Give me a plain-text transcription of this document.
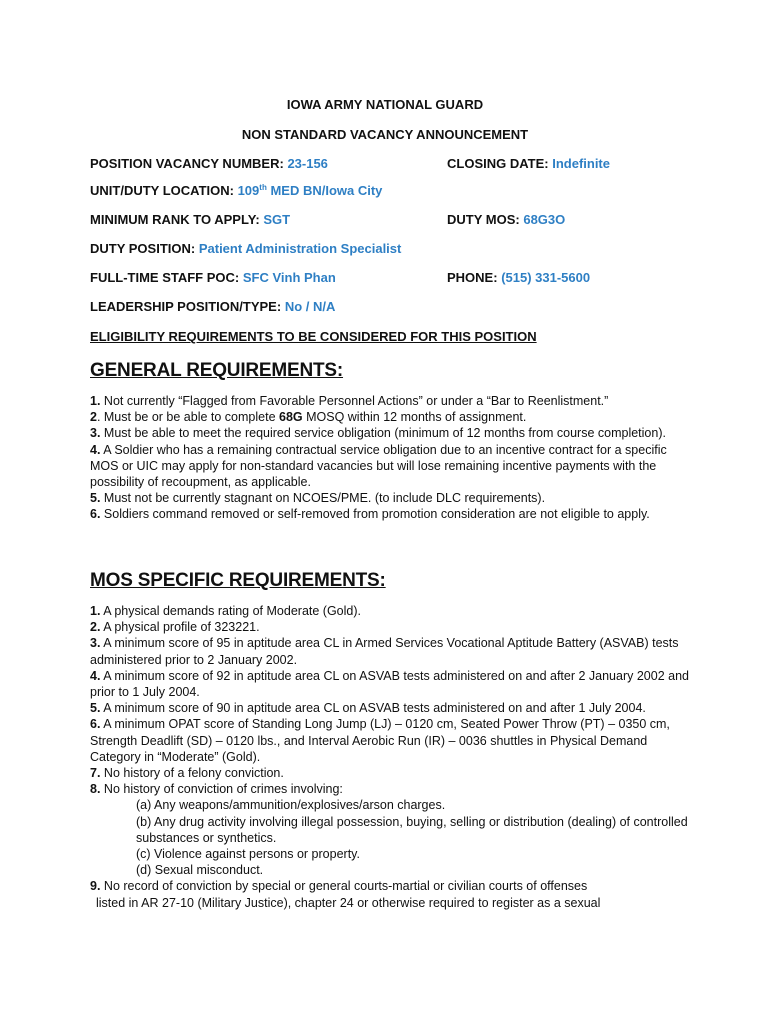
IOWA ARMY NATIONAL GUARD
NON STANDARD VACANCY ANNOUNCEMENT
POSITION VACANCY NUMBER: 23-156	CLOSING DATE: Indefinite
UNIT/DUTY LOCATION: 109th MED BN/Iowa City
MINIMUM RANK TO APPLY: SGT	DUTY MOS: 68G3O
DUTY POSITION: Patient Administration Specialist
FULL-TIME STAFF POC: SFC Vinh Phan	PHONE: (515) 331-5600
LEADERSHIP POSITION/TYPE: No / N/A
ELIGIBILITY REQUIREMENTS TO BE CONSIDERED FOR THIS POSITION
GENERAL REQUIREMENTS:

1. Not currently “Flagged from Favorable Personnel Actions” or under a “Bar to Reenlistment.”

2. Must be or be able to complete 68G MOSQ within 12 months of assignment.

3. Must be able to meet the required service obligation (minimum of 12 months from course completion).

4. A Soldier who has a remaining contractual service obligation due to an incentive contract for a specific MOS or UIC may apply for non-standard vacancies but will lose remaining incentive payments with the possibility of recoupment, as applicable.

5. Must not be currently stagnant on NCOES/PME. (to include DLC requirements).

6. Soldiers command removed or self-removed from promotion consideration are not eligible to apply.

MOS SPECIFIC REQUIREMENTS:

1. A physical demands rating of Moderate (Gold).

2. A physical profile of 323221.

3. A minimum score of 95 in aptitude area CL in Armed Services Vocational Aptitude Battery (ASVAB) tests administered prior to 2 January 2002.

4. A minimum score of 92 in aptitude area CL on ASVAB tests administered on and after 2 January 2002 and prior to 1 July 2004.

5. A minimum score of 90 in aptitude area CL on ASVAB tests administered on and after 1 July 2004.

6. A minimum OPAT score of Standing Long Jump (LJ) – 0120 cm, Seated Power Throw (PT) – 0350 cm, Strength Deadlift (SD) – 0120 lbs., and Interval Aerobic Run (IR) – 0036 shuttles in Physical Demand Category in “Moderate” (Gold).

7. No history of a felony conviction.

8. No history of conviction of crimes involving:

(a) Any weapons/ammunition/explosives/arson charges.

(b) Any drug activity involving illegal possession, buying, selling or distribution (dealing) of controlled substances or synthetics.

(c) Violence against persons or property.

(d) Sexual misconduct.

9. No record of conviction by special or general courts-martial or civilian courts of offenses

listed in AR 27-10 (Military Justice), chapter 24 or otherwise required to register as a sexual
